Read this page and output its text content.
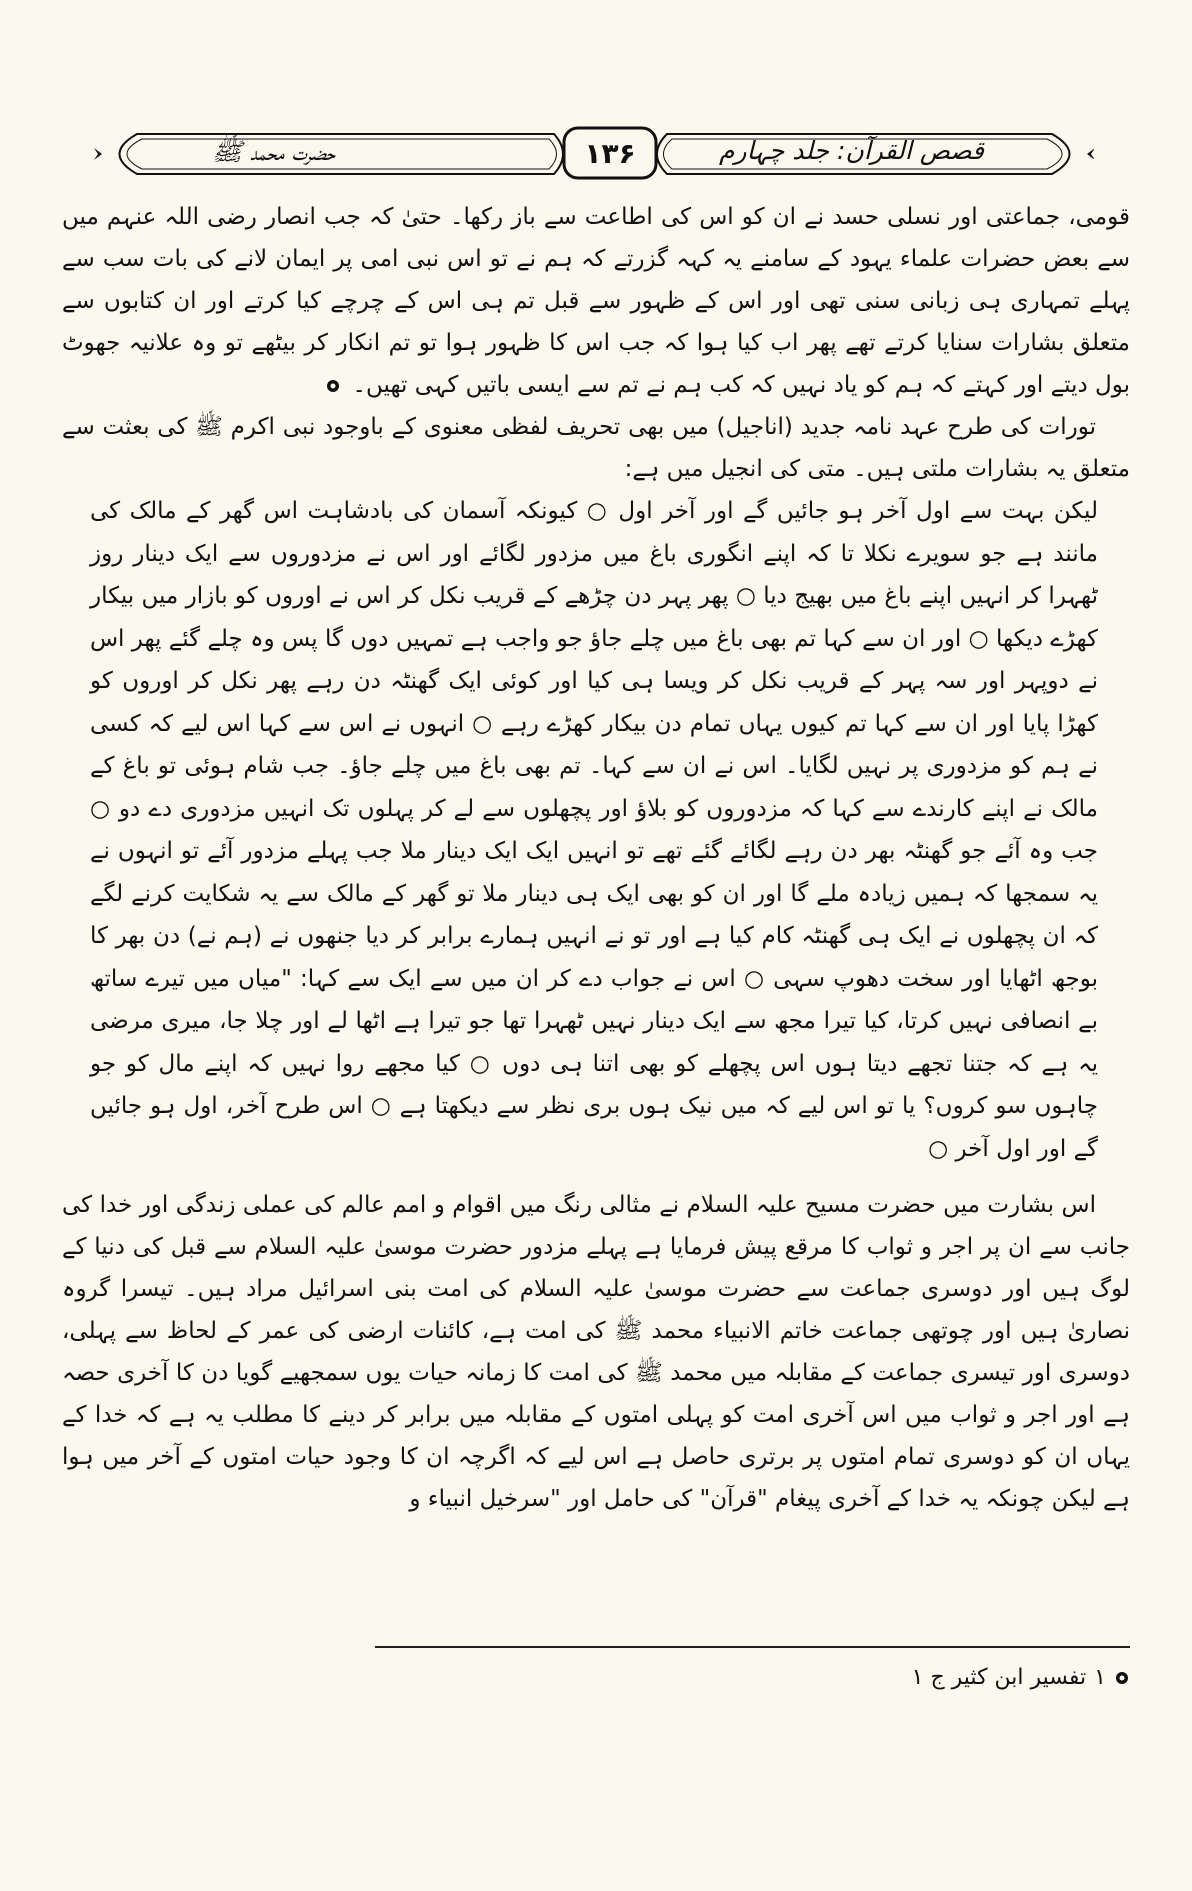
قصص القرآن: جلد چہارم
۱۳۶
حضرت محمد ﷺ

قومی، جماعتی اور نسلی حسد نے ان کو اس کی اطاعت سے باز رکھا۔ حتیٰ کہ جب انصار رضی اللہ عنہم میں سے بعض حضرات علماء یہود کے سامنے یہ کہہ گزرتے کہ ہم نے تو اس نبی امی پر ایمان لانے کی بات سب سے پہلے تمہاری ہی زبانی سنی تھی اور اس کے ظہور سے قبل تم ہی اس کے چرچے کیا کرتے اور ان کتابوں سے متعلق بشارات سنایا کرتے تھے پھر اب کیا ہوا کہ جب اس کا ظہور ہوا تو تم انکار کر بیٹھے تو وہ علانیہ جھوٹ بول دیتے اور کہتے کہ ہم کو یاد نہیں کہ کب ہم نے تم سے ایسی باتیں کہی تھیں۔

تورات کی طرح عہد نامہ جدید (اناجیل) میں بھی تحریف لفظی معنوی کے باوجود نبی اکرم ﷺ کی بعثت سے متعلق یہ بشارات ملتی ہیں۔ متی کی انجیل میں ہے:

لیکن بہت سے اول آخر ہو جائیں گے اور آخر اول ○ کیونکہ آسمان کی بادشاہت اس گھر کے مالک کی مانند ہے جو سویرے نکلا تا کہ اپنے انگوری باغ میں مزدور لگائے اور اس نے مزدوروں سے ایک دینار روز ٹھہرا کر انہیں اپنے باغ میں بھیج دیا ○ پھر پہر دن چڑھے کے قریب نکل کر اس نے اوروں کو بازار میں بیکار کھڑے دیکھا ○ اور ان سے کہا تم بھی باغ میں چلے جاؤ جو واجب ہے تمہیں دوں گا پس وہ چلے گئے پھر اس نے دوپہر اور سہ پہر کے قریب نکل کر ویسا ہی کیا اور کوئی ایک گھنٹہ دن رہے پھر نکل کر اوروں کو کھڑا پایا اور ان سے کہا تم کیوں یہاں تمام دن بیکار کھڑے رہے ○ انہوں نے اس سے کہا اس لیے کہ کسی نے ہم کو مزدوری پر نہیں لگایا۔ اس نے ان سے کہا۔ تم بھی باغ میں چلے جاؤ۔ جب شام ہوئی تو باغ کے مالک نے اپنے کارندے سے کہا کہ مزدوروں کو بلاؤ اور پچھلوں سے لے کر پہلوں تک انہیں مزدوری دے دو ○ جب وہ آئے جو گھنٹہ بھر دن رہے لگائے گئے تھے تو انہیں ایک ایک دینار ملا جب پہلے مزدور آئے تو انہوں نے یہ سمجھا کہ ہمیں زیادہ ملے گا اور ان کو بھی ایک ہی دینار ملا تو گھر کے مالک سے یہ شکایت کرنے لگے کہ ان پچھلوں نے ایک ہی گھنٹہ کام کیا ہے اور تو نے انہیں ہمارے برابر کر دیا جنھوں نے (ہم نے) دن بھر کا بوجھ اٹھایا اور سخت دھوپ سہی ○ اس نے جواب دے کر ان میں سے ایک سے کہا: "میاں میں تیرے ساتھ بے انصافی نہیں کرتا، کیا تیرا مجھ سے ایک دینار نہیں ٹھہرا تھا جو تیرا ہے اٹھا لے اور چلا جا، میری مرضی یہ ہے کہ جتنا تجھے دیتا ہوں اس پچھلے کو بھی اتنا ہی دوں ○ کیا مجھے روا نہیں کہ اپنے مال کو جو چاہوں سو کروں؟ یا تو اس لیے کہ میں نیک ہوں بری نظر سے دیکھتا ہے ○ اس طرح آخر، اول ہو جائیں گے اور اول آخر ○

اس بشارت میں حضرت مسیح علیہ السلام نے مثالی رنگ میں اقوام و امم عالم کی عملی زندگی اور خدا کی جانب سے ان پر اجر و ثواب کا مرقع پیش فرمایا ہے پہلے مزدور حضرت موسیٰ علیہ السلام سے قبل کی دنیا کے لوگ ہیں اور دوسری جماعت سے حضرت موسیٰ علیہ السلام کی امت بنی اسرائیل مراد ہیں۔ تیسرا گروہ نصاریٰ ہیں اور چوتھی جماعت خاتم الانبیاء محمد ﷺ کی امت ہے، کائنات ارضی کی عمر کے لحاظ سے پہلی، دوسری اور تیسری جماعت کے مقابلہ میں محمد ﷺ کی امت کا زمانہ حیات یوں سمجھیے گویا دن کا آخری حصہ ہے اور اجر و ثواب میں اس آخری امت کو پہلی امتوں کے مقابلہ میں برابر کر دینے کا مطلب یہ ہے کہ خدا کے یہاں ان کو دوسری تمام امتوں پر برتری حاصل ہے اس لیے کہ اگرچہ ان کا وجود حیات امتوں کے آخر میں ہوا ہے لیکن چونکہ یہ خدا کے آخری پیغام "قرآن" کی حامل اور "سرخیل انبیاء و

۱
تفسیر ابن کثیر ج ۱
